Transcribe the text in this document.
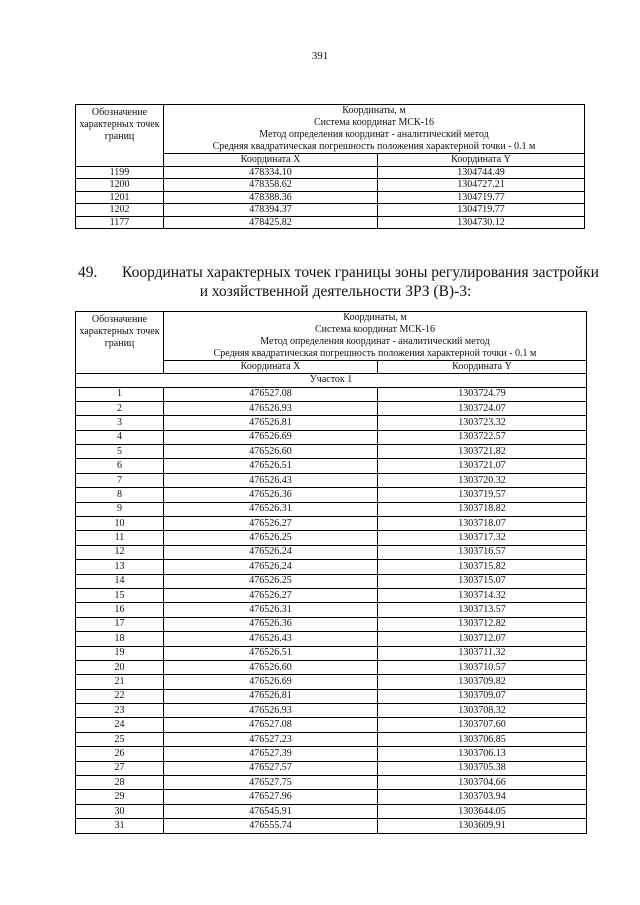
391
Обозначение характерных точек границ	Координаты, м
Система координат МСК-16
Метод определения координат - аналитический метод
Средняя квадратическая погрешность положения характерной точки - 0.1 м	

	Координата X	Координата Y
1199	478334.10	1304744.49
1200	478358.62	1304727.21
1201	478388.36	1304719.77
1202	478394.37	1304719.77
1177	478425.82	1304730.12
49. Координаты характерных точек границы зоны регулирования застройки
и хозяйственной деятельности ЗРЗ (В)-3:
Обозначение характерных точек границ	Координаты, м
Система координат МСК-16
Метод определения координат - аналитический метод
Средняя квадратическая погрешность положения характерной точки - 0.1 м	

	Координата X	Координата Y
Участок 1		
1	476527.08	1303724.79
2	476526.93	1303724.07
3	476526.81	1303723.32
4	476526.69	1303722.57
5	476526.60	1303721.82
6	476526.51	1303721.07
7	476526.43	1303720.32
8	476526.36	1303719.57
9	476526.31	1303718.82
10	476526.27	1303718.07
11	476526.25	1303717.32
12	476526.24	1303716.57
13	476526.24	1303715.82
14	476526.25	1303715.07
15	476526.27	1303714.32
16	476526.31	1303713.57
17	476526.36	1303712.82
18	476526.43	1303712.07
19	476526.51	1303711.32
20	476526.60	1303710.57
21	476526.69	1303709.82
22	476526.81	1303709.07
23	476526.93	1303708.32
24	476527.08	1303707.60
25	476527.23	1303706.85
26	476527.39	1303706.13
27	476527.57	1303705.38
28	476527.75	1303704.66
29	476527.96	1303703.94
30	476545.91	1303644.05
31	476555.74	1303609.91
